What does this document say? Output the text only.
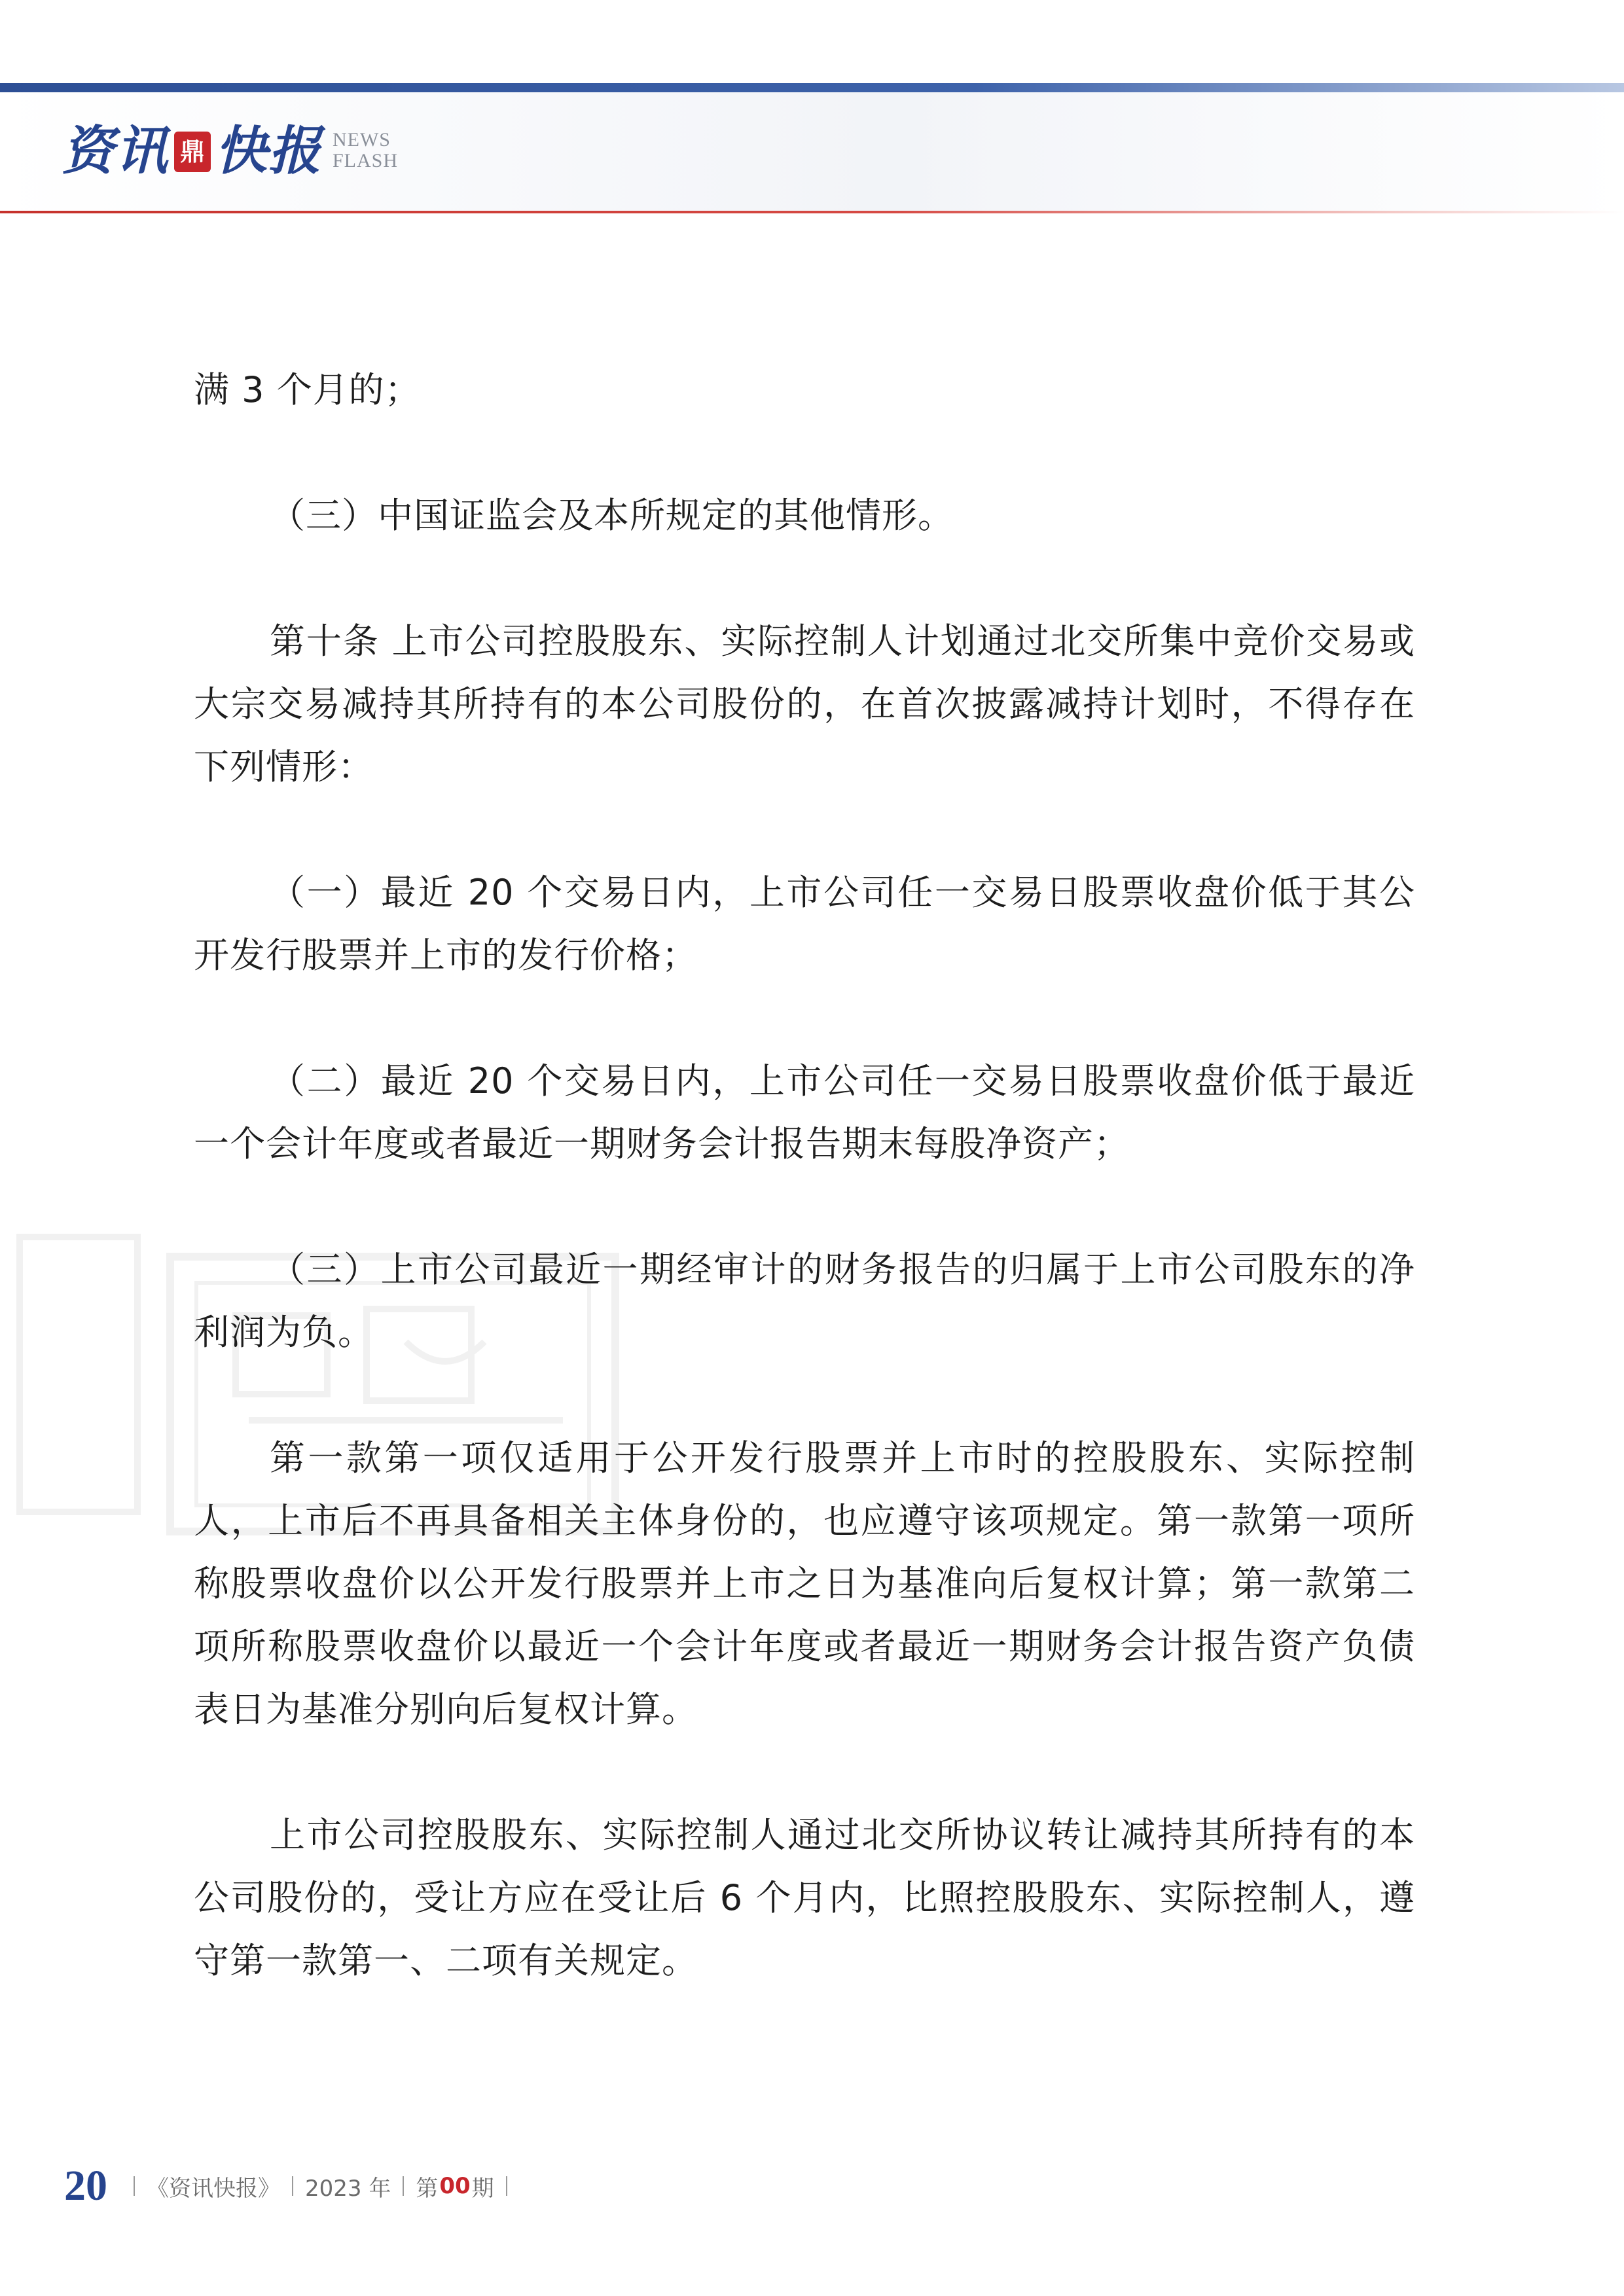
资讯 鼎 快报 NEWS
FLASH

满 3 个月的；

（三）中国证监会及本所规定的其他情形。

第十条 上市公司控股股东、实际控制人计划通过北交所集中竞价交易或大宗交易减持其所持有的本公司股份的，在首次披露减持计划时，不得存在下列情形：

（一）最近 20 个交易日内，上市公司任一交易日股票收盘价低于其公开发行股票并上市的发行价格；

（二）最近 20 个交易日内，上市公司任一交易日股票收盘价低于最近一个会计年度或者最近一期财务会计报告期末每股净资产；

（三）上市公司最近一期经审计的财务报告的归属于上市公司股东的净利润为负。

第一款第一项仅适用于公开发行股票并上市时的控股股东、实际控制人，上市后不再具备相关主体身份的，也应遵守该项规定。第一款第一项所称股票收盘价以公开发行股票并上市之日为基准向后复权计算；第一款第二项所称股票收盘价以最近一个会计年度或者最近一期财务会计报告资产负债表日为基准分别向后复权计算。

上市公司控股股东、实际控制人通过北交所协议转让减持其所持有的本公司股份的，受让方应在受让后 6 个月内，比照控股股东、实际控制人，遵守第一款第一、二项有关规定。

20 《资讯快报》 2023 年 第 00 期
